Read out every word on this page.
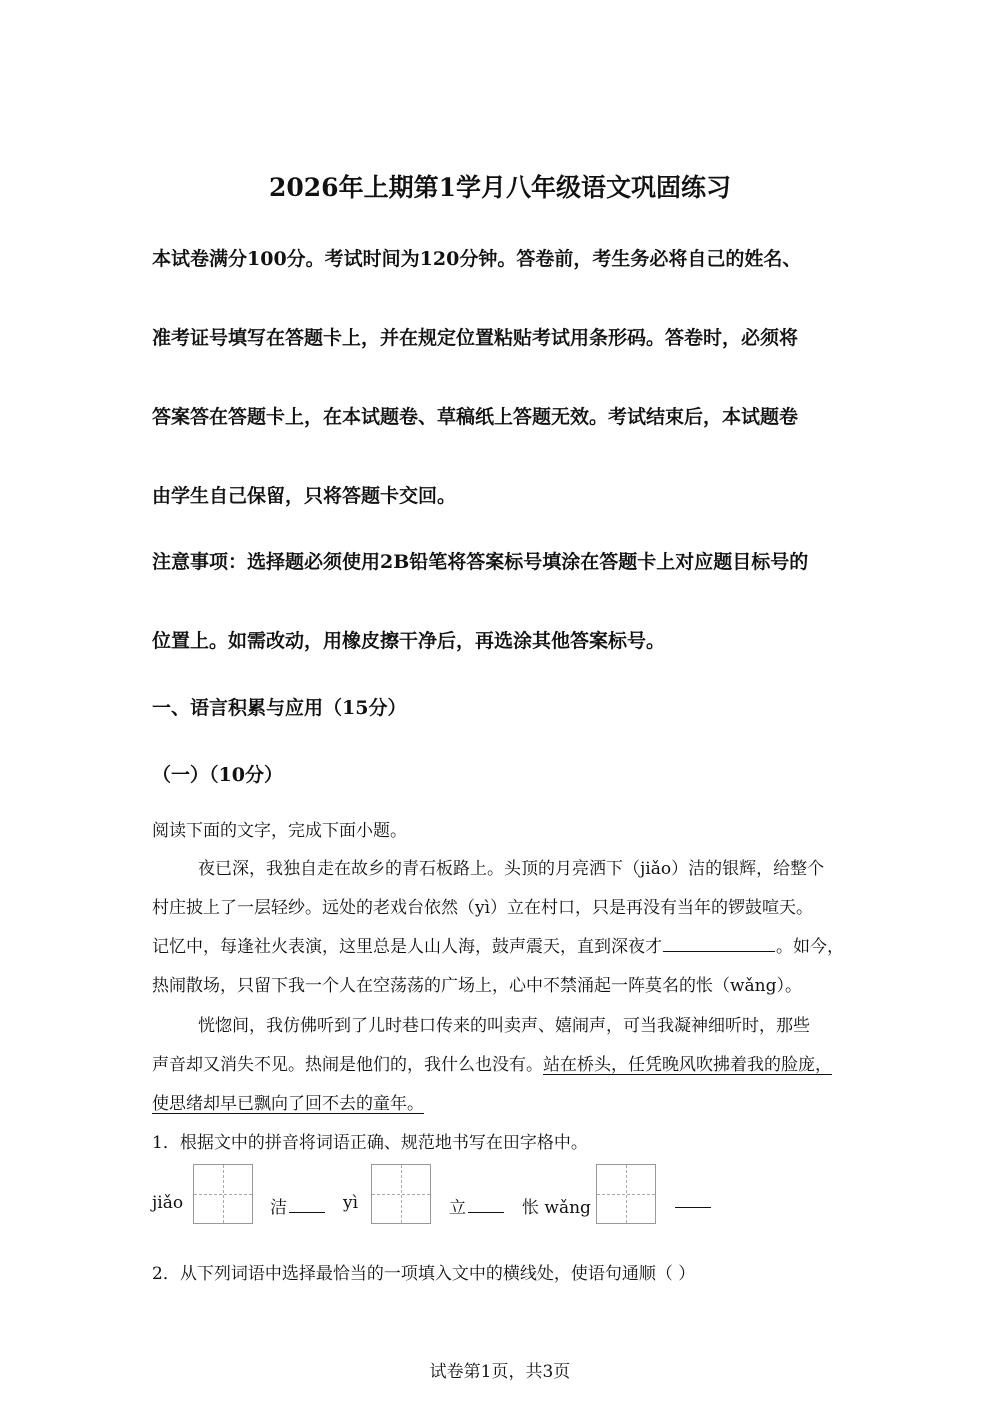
2026年上期第1学月八年级语文巩固练习
本试卷满分100分。考试时间为120分钟。答卷前，考生务必将自己的姓名、
准考证号填写在答题卡上，并在规定位置粘贴考试用条形码。答卷时，必须将
答案答在答题卡上，在本试题卷、草稿纸上答题无效。考试结束后，本试题卷
由学生自己保留，只将答题卡交回。
注意事项：选择题必须使用2B铅笔将答案标号填涂在答题卡上对应题目标号的
位置上。如需改动，用橡皮擦干净后，再选涂其他答案标号。
一、语言积累与应用（15分）
（一）（10分）
阅读下面的文字，完成下面小题。
夜已深，我独自走在故乡的青石板路上。头顶的月亮洒下（jiǎo）洁的银辉，给整个
村庄披上了一层轻纱。远处的老戏台依然（yì）立在村口，只是再没有当年的锣鼓喧天。
记忆中，每逢社火表演，这里总是人山人海，鼓声震天，直到深夜才	。如今，
热闹散场，只留下我一个人在空荡荡的广场上，心中不禁涌起一阵莫名的怅（wǎng）。
恍惚间，我仿佛听到了儿时巷口传来的叫卖声、嬉闹声，可当我凝神细听时，那些
声音却又消失不见。热闹是他们的，我什么也没有。站在桥头，任凭晚风吹拂着我的脸庞，
使思绪却早已飘向了回不去的童年。
1．根据文中的拼音将词语正确、规范地书写在田字格中。
jiǎo	洁	yì	立	怅 wǎng
2．从下列词语中选择最恰当的一项填入文中的横线处，使语句通顺（ ）
试卷第1页，共3页
